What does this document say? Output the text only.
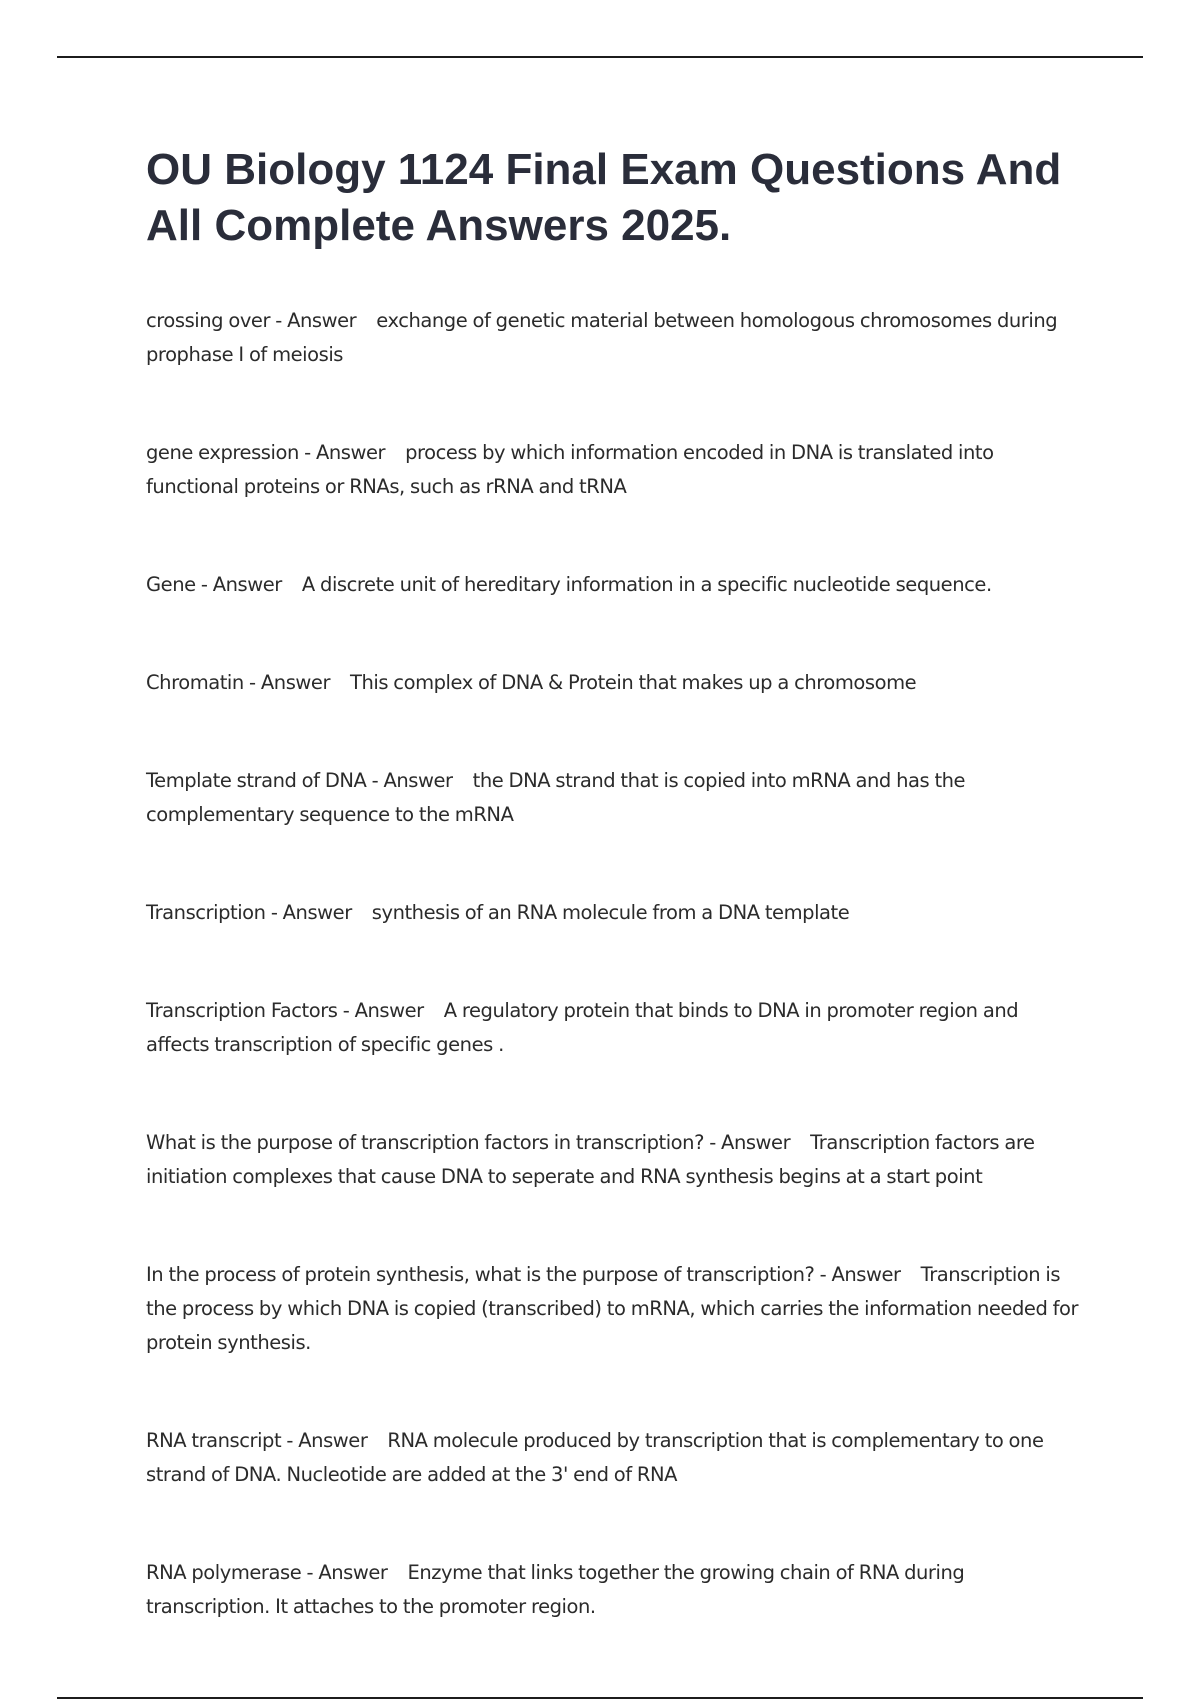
OU Biology 1124 Final Exam Questions And All Complete Answers 2025.
crossing over - Answer exchange of genetic material between homologous chromosomes during prophase I of meiosis
gene expression - Answer process by which information encoded in DNA is translated into functional proteins or RNAs, such as rRNA and tRNA
Gene - Answer A discrete unit of hereditary information in a specific nucleotide sequence.
Chromatin - Answer This complex of DNA & Protein that makes up a chromosome
Template strand of DNA - Answer the DNA strand that is copied into mRNA and has the complementary sequence to the mRNA
Transcription - Answer synthesis of an RNA molecule from a DNA template
Transcription Factors - Answer A regulatory protein that binds to DNA in promoter region and affects transcription of specific genes .
What is the purpose of transcription factors in transcription? - Answer Transcription factors are initiation complexes that cause DNA to seperate and RNA synthesis begins at a start point
In the process of protein synthesis, what is the purpose of transcription? - Answer Transcription is the process by which DNA is copied (transcribed) to mRNA, which carries the information needed for protein synthesis.
RNA transcript - Answer RNA molecule produced by transcription that is complementary to one strand of DNA. Nucleotide are added at the 3' end of RNA
RNA polymerase - Answer Enzyme that links together the growing chain of RNA during transcription. It attaches to the promoter region.
